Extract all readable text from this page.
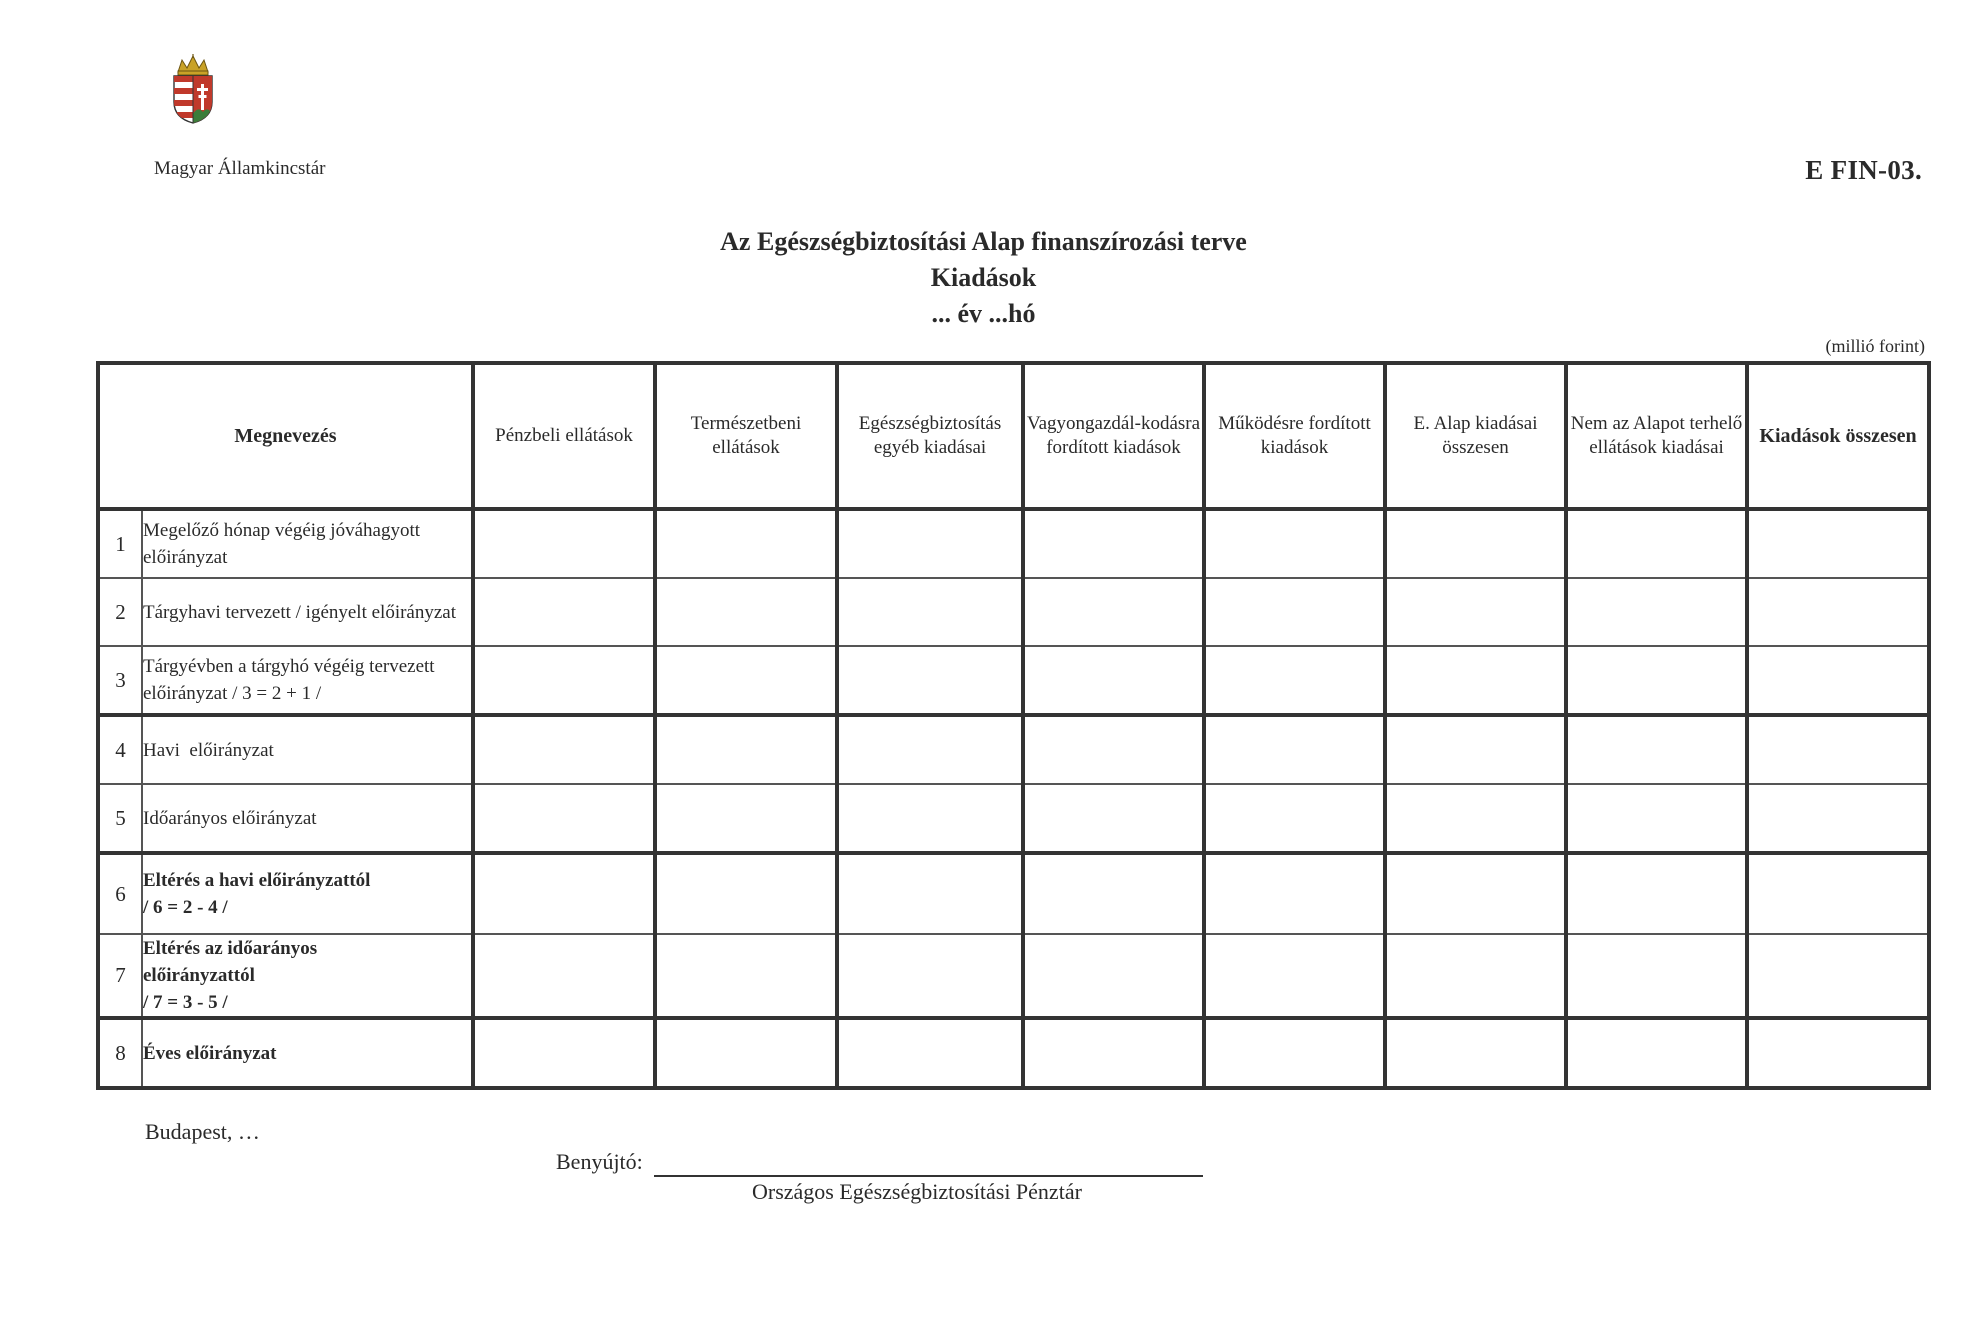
Magyar Államkincstár	E FIN-03.
Az Egészségbiztosítási Alap finanszírozási terve
Kiadások
... év ...hó
(millió forint)
Megnevezés		Pénzbeli ellátások	Természetbeni ellátások	Egészségbiztosítás egyéb kiadásai	Vagyongazdál-kodásra fordított kiadások	Működésre fordított kiadások	E. Alap kiadásai összesen	Nem az Alapot terhelő ellátások kiadásai	Kiadások összesen
1	Megelőző hónap végéig jóváhagyott előirányzat								
2	Tárgyhavi tervezett / igényelt előirányzat								
3	Tárgyévben a tárgyhó végéig tervezett előirányzat / 3 = 2 + 1 /								
4	Havi  előirányzat								
5	Időarányos előirányzat								
6	Eltérés a havi előirányzattól
/ 6 = 2 - 4 /								

7	Eltérés az időarányos előirányzattól
/ 7 = 3 - 5 /								

8	Éves előirányzat								
Budapest, …
Benyújtó:
Országos Egészségbiztosítási Pénztár
